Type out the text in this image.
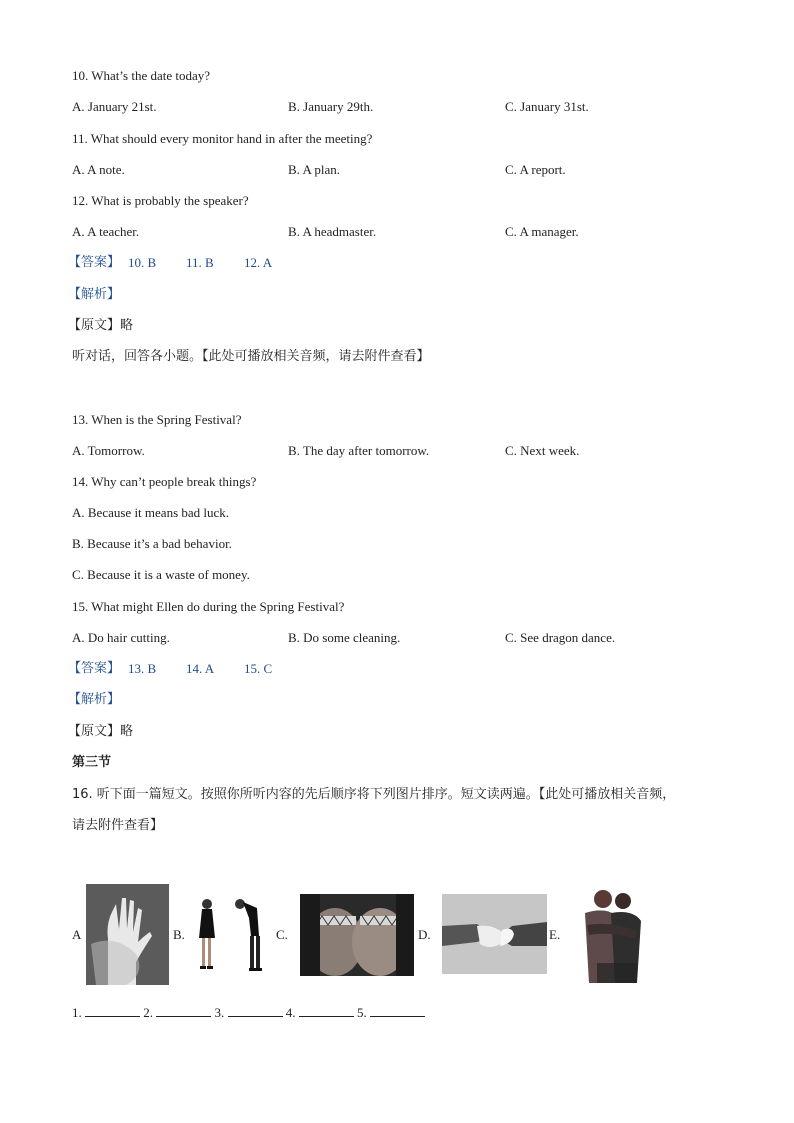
10. What’s the date today?
A. January 21st.	B. January 29th.	C. January 31st.
11. What should every monitor hand in after the meeting?
A. A note.	B. A plan.	C. A report.
12. What is probably the speaker?
A. A teacher.	B. A headmaster.	C. A manager.
【答案】 10. B 11. B 12. A
【解析】
【原文】略
听对话，回答各小题。【此处可播放相关音频，请去附件查看】
13. When is the Spring Festival?
A. Tomorrow.	B. The day after tomorrow.	C. Next week.
14. Why can’t people break things?
A. Because it means bad luck.
B. Because it’s a bad behavior.
C. Because it is a waste of money.
15. What might Ellen do during the Spring Festival?
A. Do hair cutting.	B. Do some cleaning.	C. See dragon dance.
【答案】 13. B 14. A 15. C
【解析】
【原文】略
第三节
16. 听下面一篇短文。按照你所听内容的先后顺序将下列图片排序。短文读两遍。【此处可播放相关音频，
请去附件查看】
A	B.	C.	D.	E.
1.	2.	3.	4.	5.
